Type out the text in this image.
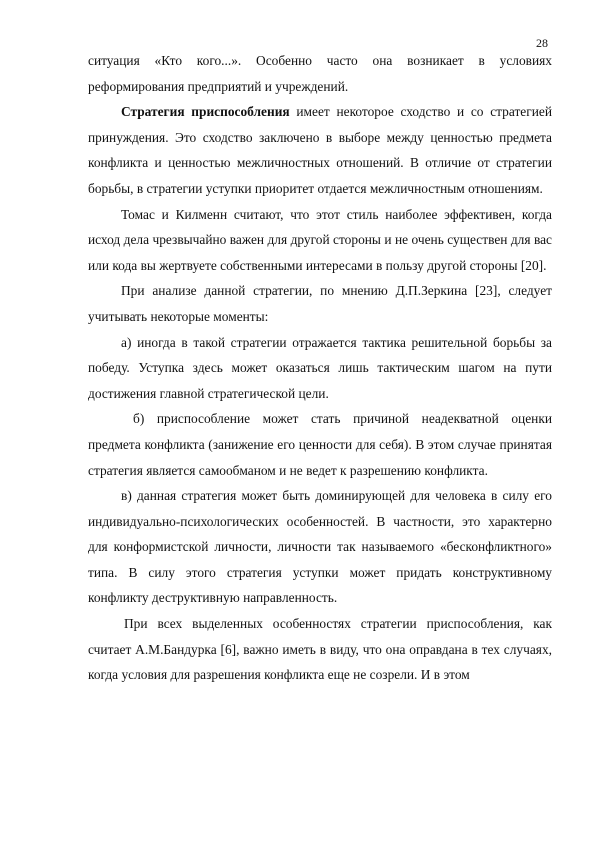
28

ситуация «Кто кого...». Особенно часто она возникает в условиях реформирования предприятий и учреждений.

Стратегия приспособления имеет некоторое сходство и со стратегией принуждения. Это сходство заключено в выборе между ценностью предмета конфликта и ценностью межличностных отношений. В отличие от стратегии борьбы, в стратегии уступки приоритет отдается межличностным отношениям.

Томас и Килменн считают, что этот стиль наиболее эффективен, когда исход дела чрезвычайно важен для другой стороны и не очень существен для вас или кода вы жертвуете собственными интересами в пользу другой стороны [20].

При анализе данной стратегии, по мнению Д.П.Зеркина [23], следует учитывать некоторые моменты:

а) иногда в такой стратегии отражается тактика решительной борьбы за победу. Уступка здесь может оказаться лишь тактическим шагом на пути достижения главной стратегической цели.

б) приспособление может стать причиной неадекватной оценки предмета конфликта (занижение его ценности для себя). В этом случае принятая стратегия является самообманом и не ведет к разрешению конфликта.

в) данная стратегия может быть доминирующей для человека в силу его индивидуально-психологических особенностей. В частности, это характерно для конформистской личности, личности так называемого «бесконфликтного» типа. В силу этого стратегия уступки может придать конструктивному конфликту деструктивную направленность.

При всех выделенных особенностях стратегии приспособления, как считает А.М.Бандурка [6], важно иметь в виду, что она оправдана в тех случаях, когда условия для разрешения конфликта еще не созрели. И в этом
